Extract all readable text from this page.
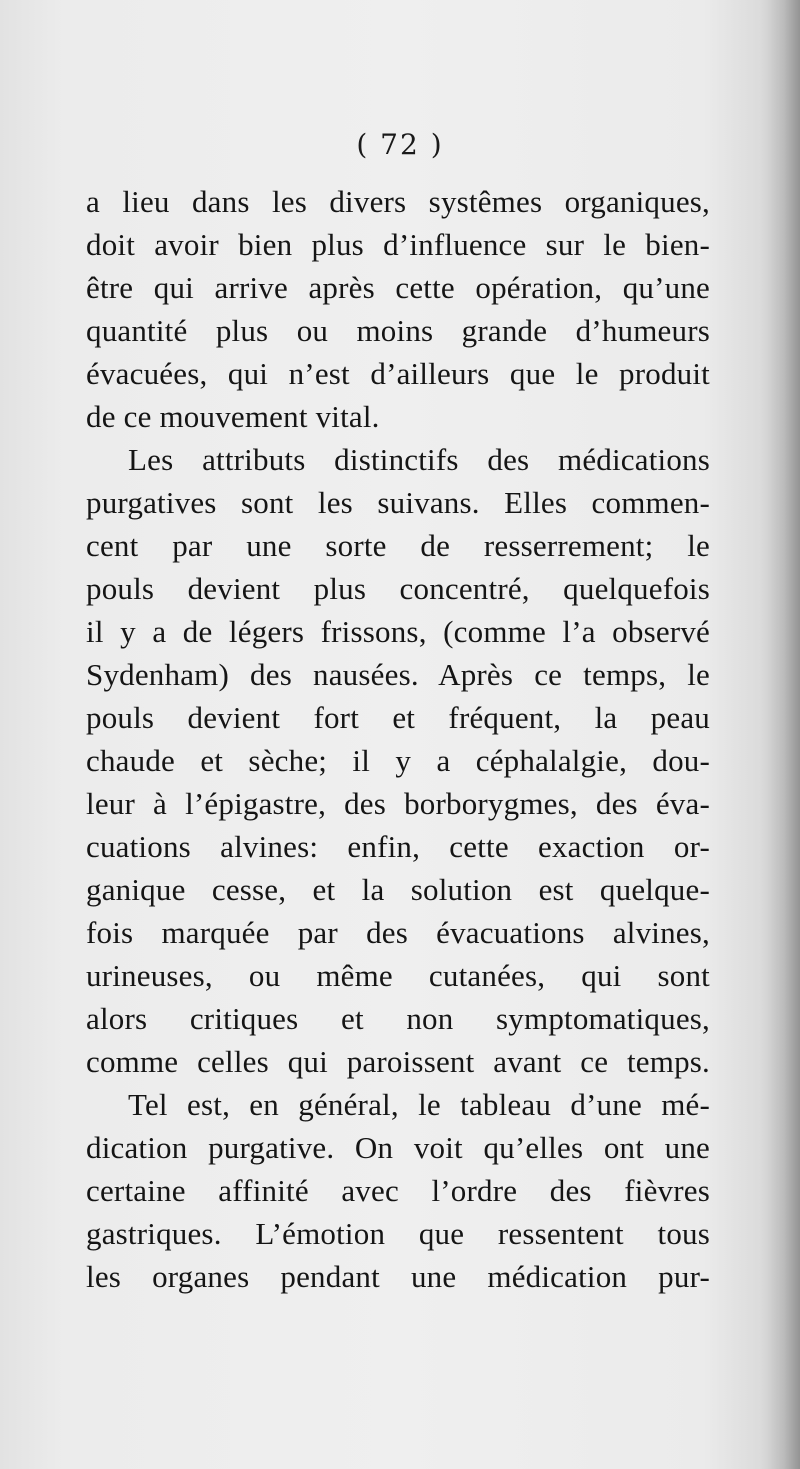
( 72 )
a lieu dans les divers systêmes organiques,
doit avoir bien plus d’influence sur le bien-
être qui arrive après cette opération, qu’une
quantité plus ou moins grande d’humeurs
évacuées, qui n’est d’ailleurs que le produit
de ce mouvement vital.
Les attributs distinctifs des médications
purgatives sont les suivans. Elles commen-
cent par une sorte de resserrement; le
pouls devient plus concentré, quelquefois
il y a de légers frissons, (comme l’a observé
Sydenham) des nausées. Après ce temps, le
pouls devient fort et fréquent, la peau
chaude et sèche; il y a céphalalgie, dou-
leur à l’épigastre, des borborygmes, des éva-
cuations alvines: enfin, cette exaction or-
ganique cesse, et la solution est quelque-
fois marquée par des évacuations alvines,
urineuses, ou même cutanées, qui sont
alors critiques et non symptomatiques,
comme celles qui paroissent avant ce temps.
Tel est, en général, le tableau d’une mé-
dication purgative. On voit qu’elles ont une
certaine affinité avec l’ordre des fièvres
gastriques. L’émotion que ressentent tous
les organes pendant une médication pur-
